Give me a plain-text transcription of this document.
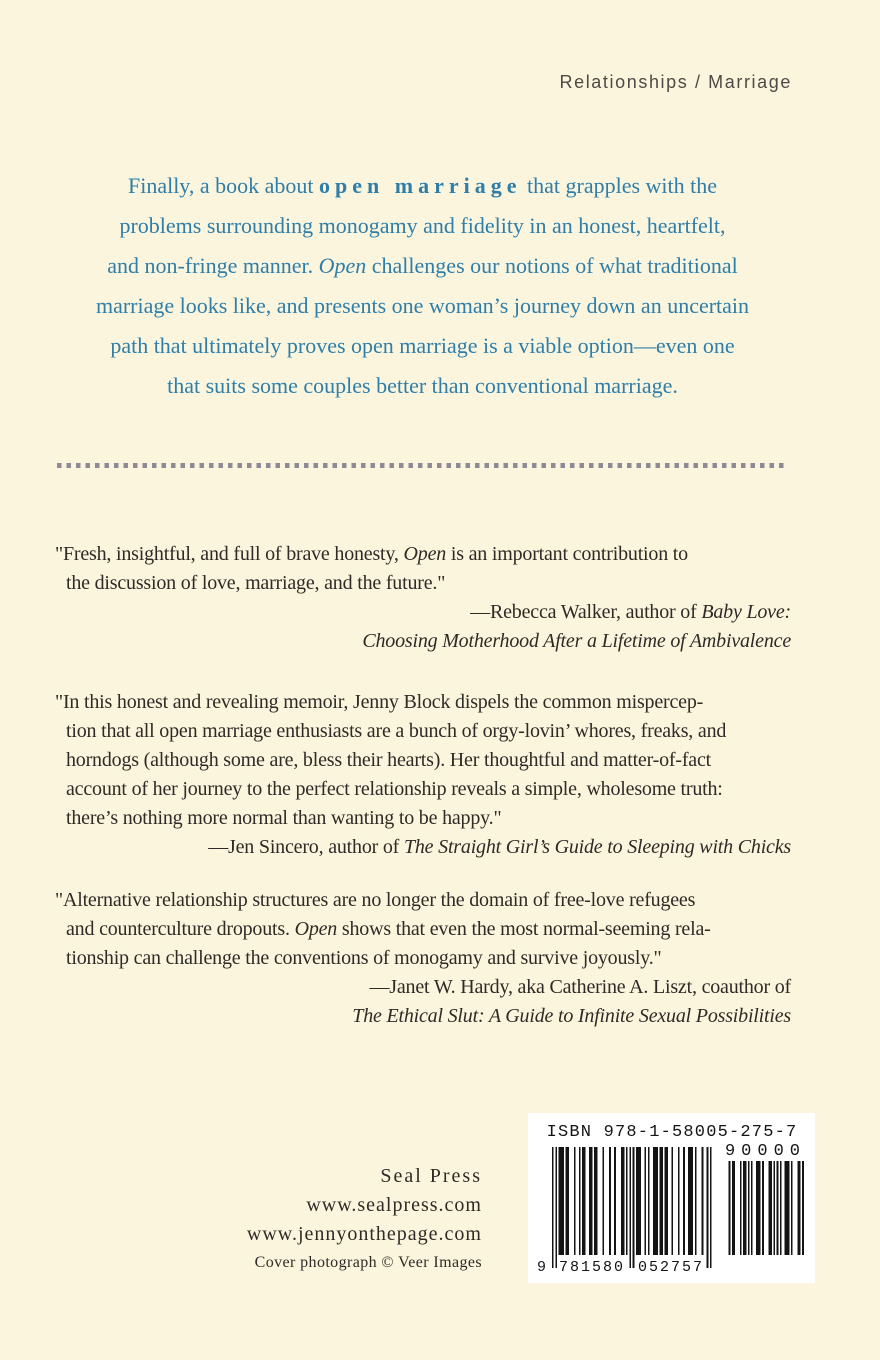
Relationships / Marriage
Finally, a book about open marriage that grapples with the
problems surrounding monogamy and fidelity in an honest, heartfelt,
and non-fringe manner. Open challenges our notions of what traditional
marriage looks like, and presents one woman’s journey down an uncertain
path that ultimately proves open marriage is a viable option—even one
that suits some couples better than conventional marriage.
"Fresh, insightful, and full of brave honesty, Open is an important contribution to
the discussion of love, marriage, and the future."
—Rebecca Walker, author of Baby Love:
Choosing Motherhood After a Lifetime of Ambivalence
"In this honest and revealing memoir, Jenny Block dispels the common mispercep-
tion that all open marriage enthusiasts are a bunch of orgy-lovin’ whores, freaks, and
horndogs (although some are, bless their hearts). Her thoughtful and matter-of-fact
account of her journey to the perfect relationship reveals a simple, wholesome truth:
there’s nothing more normal than wanting to be happy."
—Jen Sincero, author of The Straight Girl’s Guide to Sleeping with Chicks
"Alternative relationship structures are no longer the domain of free-love refugees
and counterculture dropouts. Open shows that even the most normal-seeming rela-
tionship can challenge the conventions of monogamy and survive joyously."
—Janet W. Hardy, aka Catherine A. Liszt, coauthor of
The Ethical Slut: A Guide to Infinite Sexual Possibilities
Seal Press
www.sealpress.com
www.jennyonthepage.com
Cover photograph © Veer Images
ISBN 978-1-58005-275-7
90000
9 781580 052757
